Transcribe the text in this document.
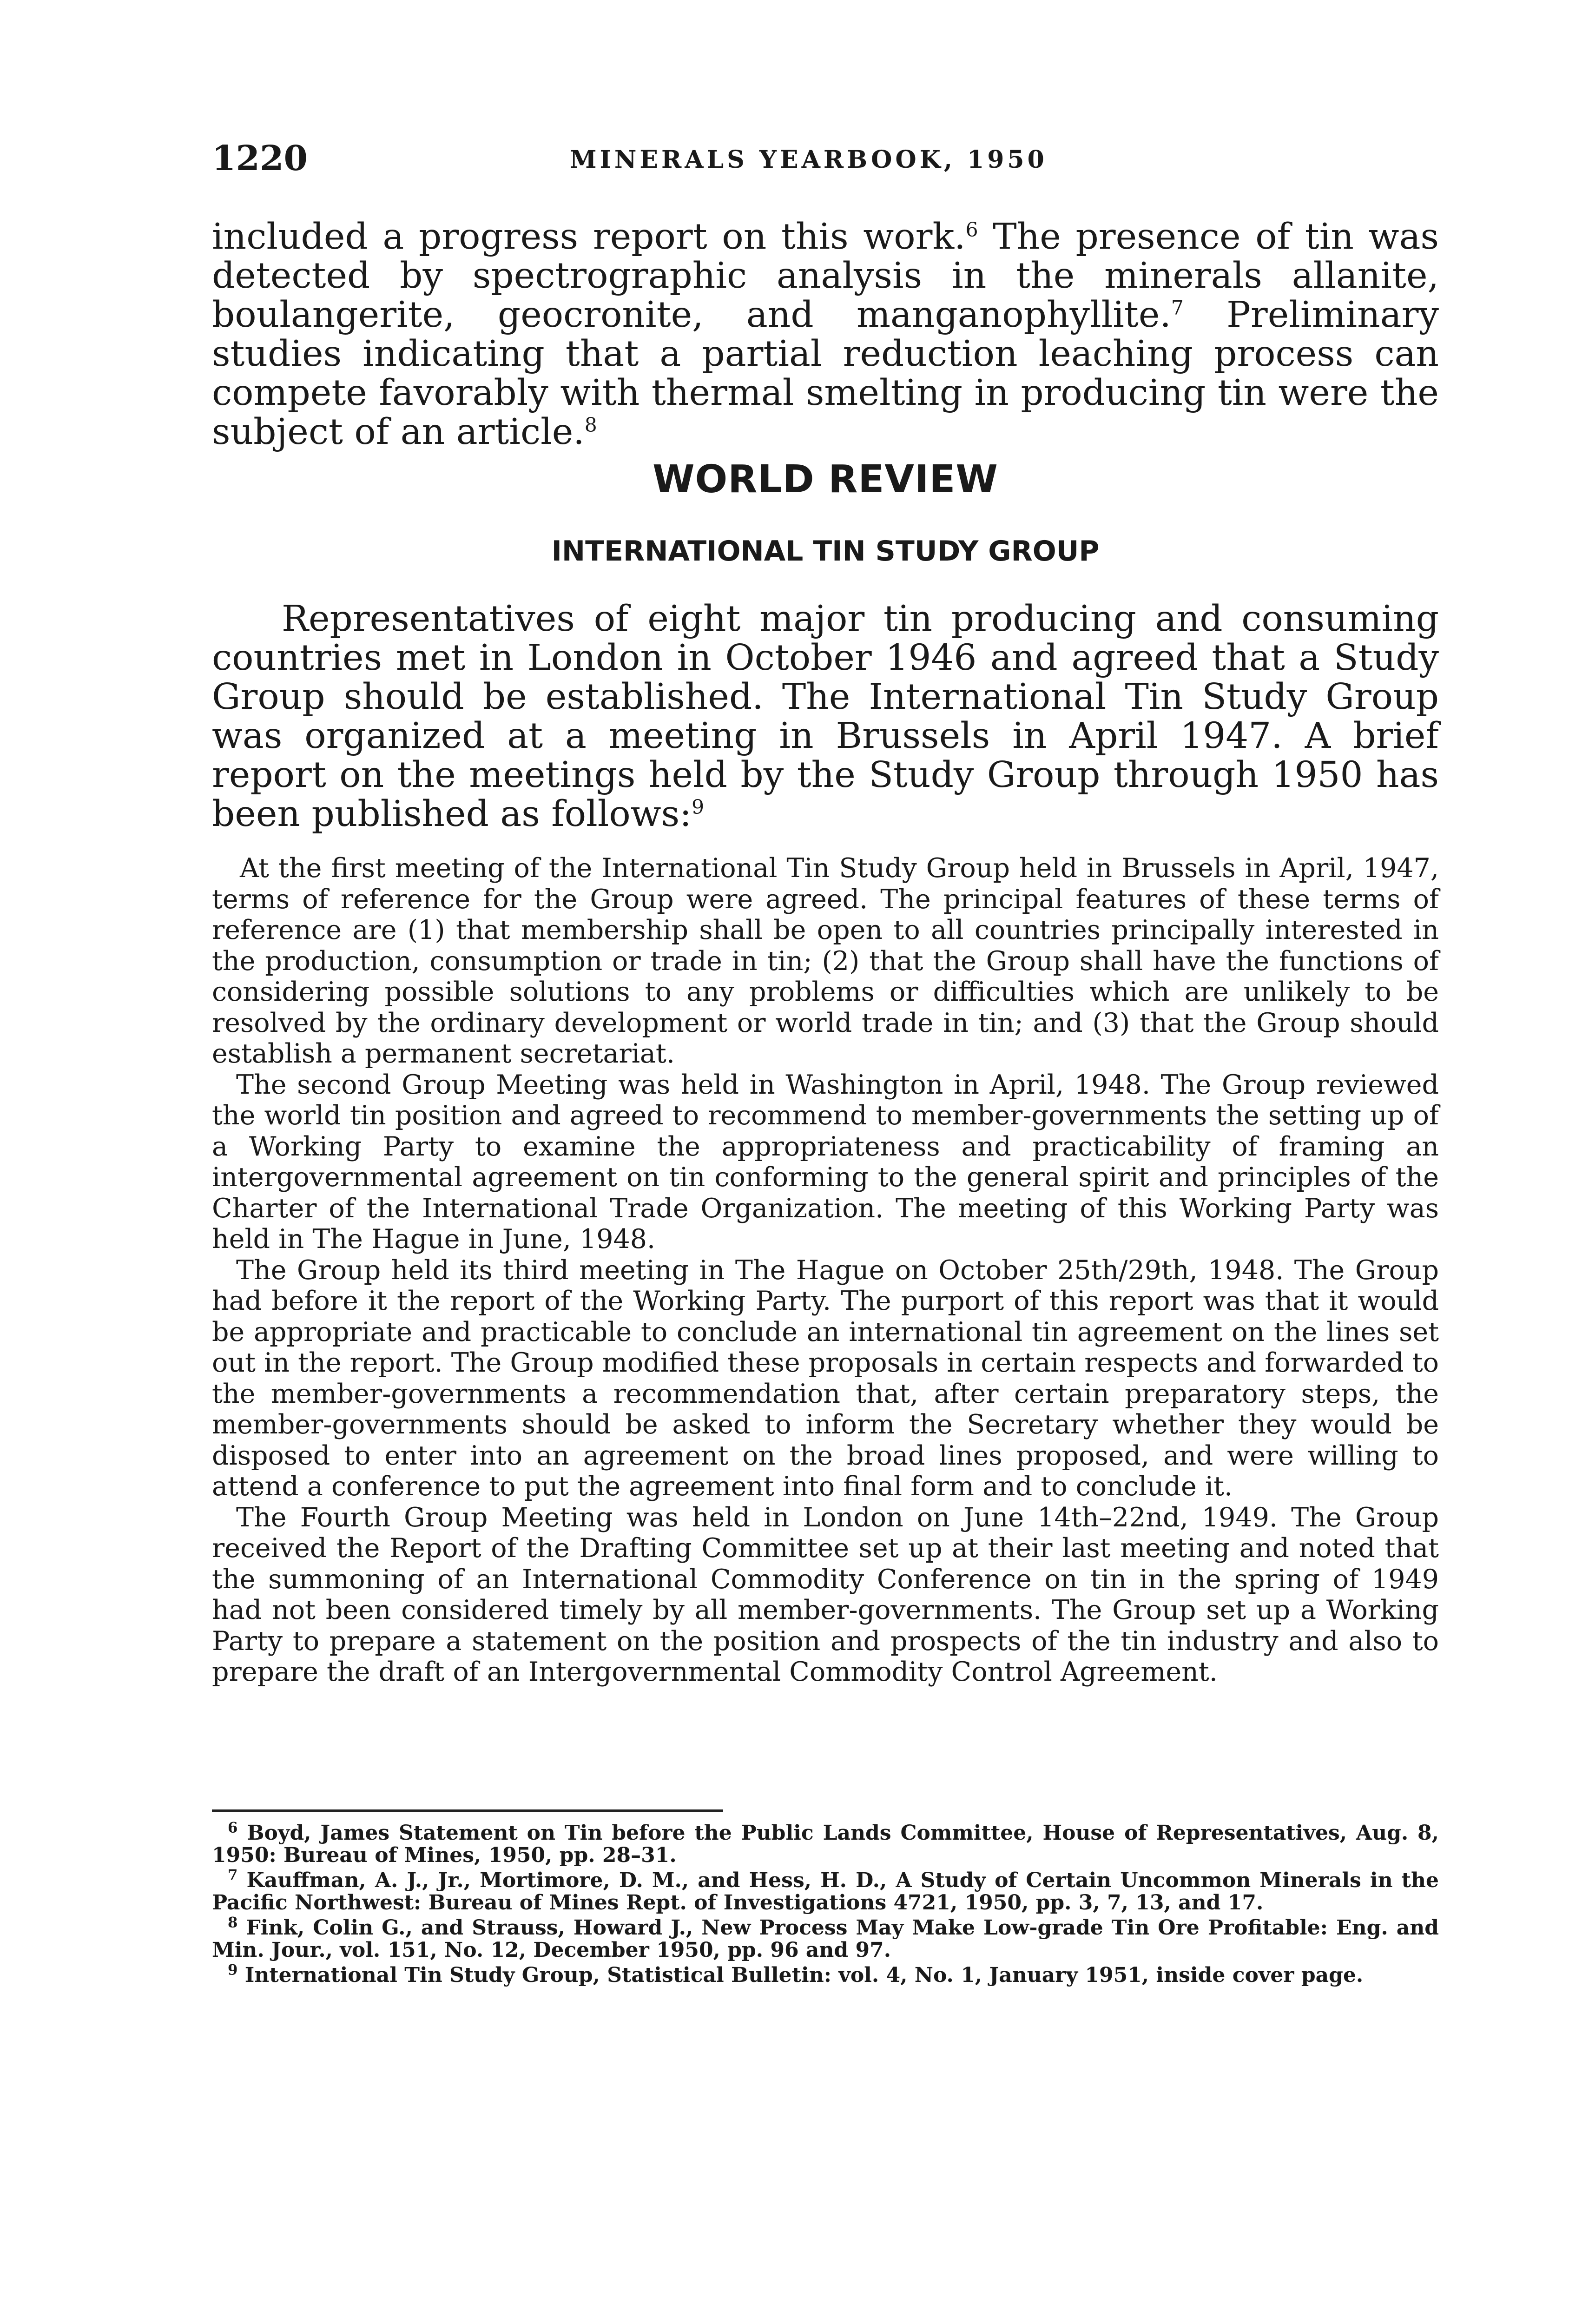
1220	MINERALS YEARBOOK, 1950

included a progress report on this work.$^6$ The presence of tin was detected by spectrographic analysis in the minerals allanite, boulangerite, geocronite, and manganophyllite.$^7$ Preliminary studies indicating that a partial reduction leaching process can compete favorably with thermal smelting in producing tin were the subject of an article.$^8$

WORLD REVIEW
INTERNATIONAL TIN STUDY GROUP

Representatives of eight major tin producing and consuming countries met in London in October 1946 and agreed that a Study Group should be established. The International Tin Study Group was organized at a meeting in Brussels in April 1947. A brief report on the meetings held by the Study Group through 1950 has been published as follows:$^9$

At the first meeting of the International Tin Study Group held in Brussels in April, 1947, terms of reference for the Group were agreed. The principal features of these terms of reference are (1) that membership shall be open to all countries principally interested in the production, consumption or trade in tin; (2) that the Group shall have the functions of considering possible solutions to any problems or difficulties which are unlikely to be resolved by the ordinary development or world trade in tin; and (3) that the Group should establish a permanent secretariat.

The second Group Meeting was held in Washington in April, 1948. The Group reviewed the world tin position and agreed to recommend to member-governments the setting up of a Working Party to examine the appropriateness and practicability of framing an intergovernmental agreement on tin conforming to the general spirit and principles of the Charter of the International Trade Organization. The meeting of this Working Party was held in The Hague in June, 1948.

The Group held its third meeting in The Hague on October 25th/29th, 1948. The Group had before it the report of the Working Party. The purport of this report was that it would be appropriate and practicable to conclude an international tin agreement on the lines set out in the report. The Group modified these proposals in certain respects and forwarded to the member-governments a recommendation that, after certain preparatory steps, the member-governments should be asked to inform the Secretary whether they would be disposed to enter into an agreement on the broad lines proposed, and were willing to attend a conference to put the agreement into final form and to conclude it.

The Fourth Group Meeting was held in London on June 14th–22nd, 1949. The Group received the Report of the Drafting Committee set up at their last meeting and noted that the summoning of an International Commodity Conference on tin in the spring of 1949 had not been considered timely by all member-governments. The Group set up a Working Party to prepare a statement on the position and prospects of the tin industry and also to prepare the draft of an Intergovernmental Commodity Control Agreement.

$^6$ Boyd, James Statement on Tin before the Public Lands Committee, House of Representatives, Aug. 8, 1950: Bureau of Mines, 1950, pp. 28–31.

$^7$ Kauffman, A. J., Jr., Mortimore, D. M., and Hess, H. D., A Study of Certain Uncommon Minerals in the Pacific Northwest: Bureau of Mines Rept. of Investigations 4721, 1950, pp. 3, 7, 13, and 17.

$^8$ Fink, Colin G., and Strauss, Howard J., New Process May Make Low-grade Tin Ore Profitable: Eng. and Min. Jour., vol. 151, No. 12, December 1950, pp. 96 and 97.

$^9$ International Tin Study Group, Statistical Bulletin: vol. 4, No. 1, January 1951, inside cover page.
